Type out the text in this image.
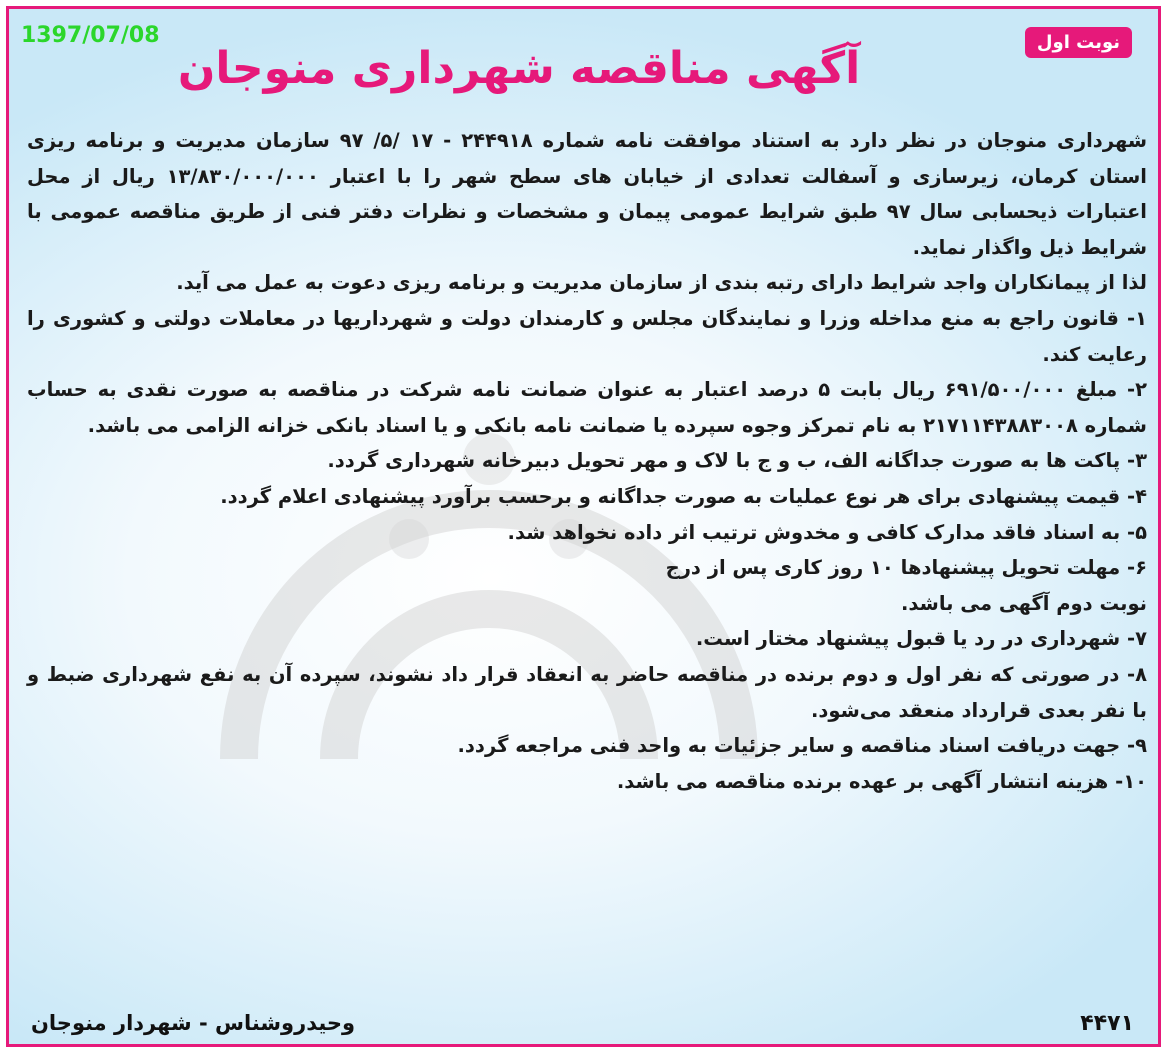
1397/07/08	نوبت اول
آگهی مناقصه شهرداری منوجان

شهرداری منوجان در نظر دارد به استناد موافقت نامه شماره ۲۴۴۹۱۸ - ۱۷ /۵/ ۹۷ سازمان مدیریت و برنامه ریزی استان کرمان، زیرسازی و آسفالت تعدادی از خیابان های سطح شهر را با اعتبار ۱۳/۸۳۰/۰۰۰/۰۰۰ ریال از محل اعتبارات ذیحسابی سال ۹۷ طبق شرایط عمومی پیمان و مشخصات و نظرات دفتر فنی از طریق مناقصه عمومی با شرایط ذیل واگذار نماید.

لذا از پیمانکاران واجد شرایط دارای رتبه بندی از سازمان مدیریت و برنامه ریزی دعوت به عمل می آید.

۱- قانون راجع به منع مداخله وزرا و نمایندگان مجلس و کارمندان دولت و شهرداریها در معاملات دولتی و کشوری را رعایت کند.

۲- مبلغ ۶۹۱/۵۰۰/۰۰۰ ریال بابت ۵ درصد اعتبار به عنوان ضمانت نامه شرکت در مناقصه به صورت نقدی به حساب شماره ۲۱۷۱۱۴۳۸۸۳۰۰۸ به نام تمرکز وجوه سپرده یا ضمانت نامه بانکی و یا اسناد بانکی خزانه الزامی می باشد.

۳- پاکت ها به صورت جداگانه الف، ب و ج با لاک و مهر تحویل دبیرخانه شهرداری گردد.

۴- قیمت پیشنهادی برای هر نوع عملیات به صورت جداگانه و برحسب برآورد پیشنهادی اعلام گردد.

۵- به اسناد فاقد مدارک کافی و مخدوش ترتیب اثر داده نخواهد شد.

۶- مهلت تحویل پیشنهادها ۱۰ روز کاری پس از درج

نوبت دوم آگهی می باشد.

۷- شهرداری در رد یا قبول پیشنهاد مختار است.

۸- در صورتی که نفر اول و دوم برنده در مناقصه حاضر به انعقاد قرار داد نشوند، سپرده آن به نفع شهرداری ضبط و با نفر بعدی قرارداد منعقد می‌شود.

۹- جهت دریافت اسناد مناقصه و سایر جزئیات به واحد فنی مراجعه گردد.

۱۰- هزینه انتشار آگهی بر عهده برنده مناقصه می باشد.

وحیدروشناس - شهردار منوجان	۴۴۷۱
